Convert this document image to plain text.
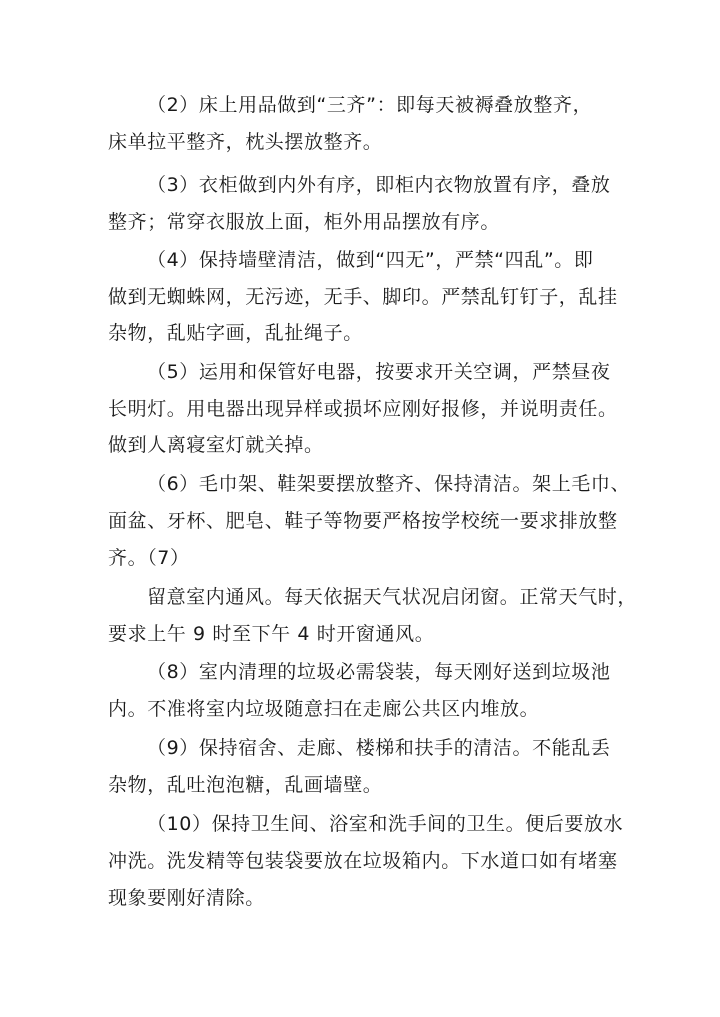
（2）床上用品做到“三齐”：即每天被褥叠放整齐，
床单拉平整齐，枕头摆放整齐。
（3）衣柜做到内外有序，即柜内衣物放置有序，叠放
整齐；常穿衣服放上面，柜外用品摆放有序。
（4）保持墙壁清洁，做到“四无”，严禁“四乱”。即
做到无蜘蛛网，无污迹，无手、脚印。严禁乱钉钉子，乱挂
杂物，乱贴字画，乱扯绳子。
（5）运用和保管好电器，按要求开关空调，严禁昼夜
长明灯。用电器出现异样或损坏应刚好报修，并说明责任。
做到人离寝室灯就关掉。
（6）毛巾架、鞋架要摆放整齐、保持清洁。架上毛巾、
面盆、牙杯、肥皂、鞋子等物要严格按学校统一要求排放整
齐。（7）
留意室内通风。每天依据天气状况启闭窗。正常天气时，
要求上午 9 时至下午 4 时开窗通风。
（8）室内清理的垃圾必需袋装，每天刚好送到垃圾池
内。不准将室内垃圾随意扫在走廊公共区内堆放。
（9）保持宿舍、走廊、楼梯和扶手的清洁。不能乱丢
杂物，乱吐泡泡糖，乱画墙壁。
（10）保持卫生间、浴室和洗手间的卫生。便后要放水
冲洗。洗发精等包装袋要放在垃圾箱内。下水道口如有堵塞
现象要刚好清除。
